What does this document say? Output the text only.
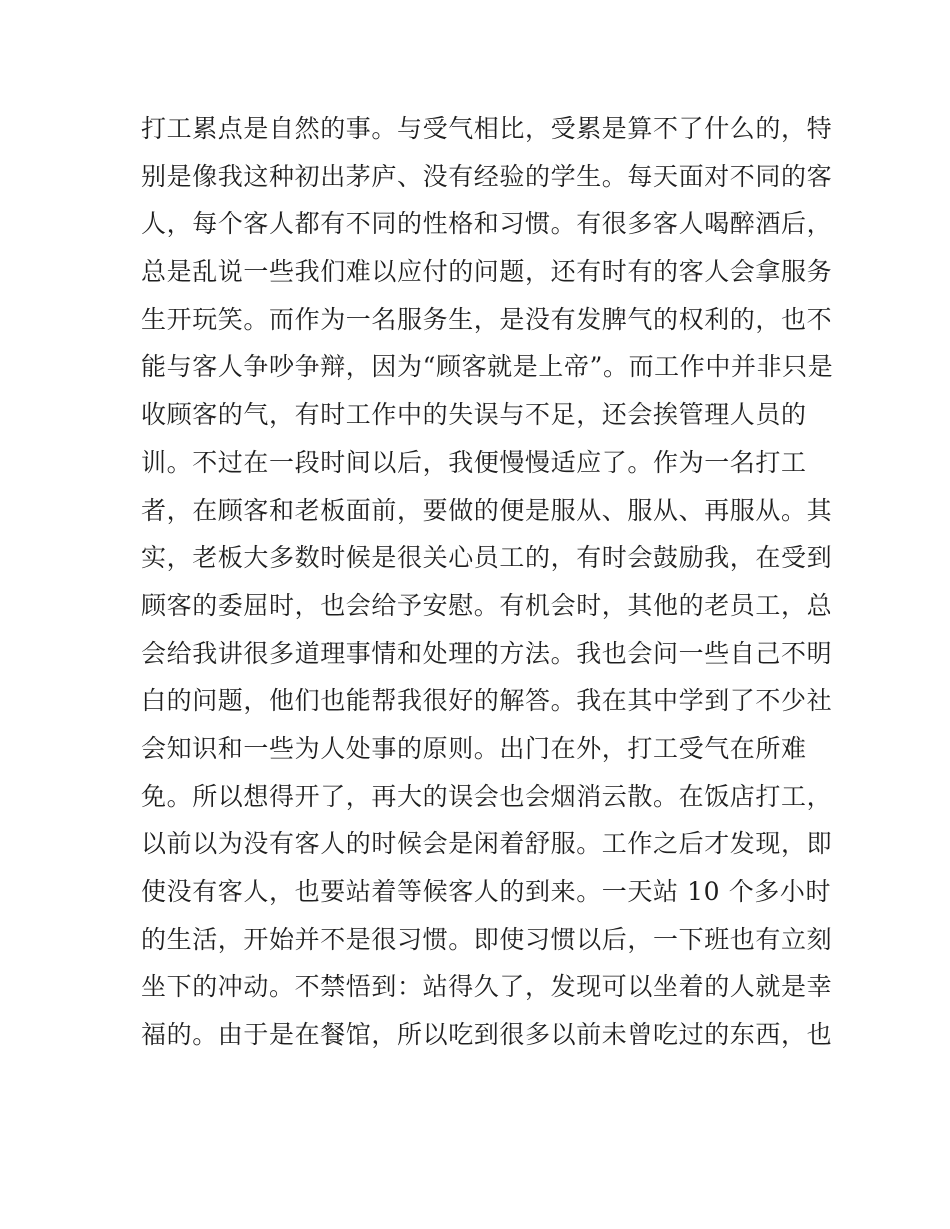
打工累点是自然的事。与受气相比，受累是算不了什么的，特
别是像我这种初出茅庐、没有经验的学生。每天面对不同的客
人，每个客人都有不同的性格和习惯。有很多客人喝醉酒后，
总是乱说一些我们难以应付的问题，还有时有的客人会拿服务
生开玩笑。而作为一名服务生，是没有发脾气的权利的，也不
能与客人争吵争辩，因为“顾客就是上帝”。而工作中并非只是
收顾客的气，有时工作中的失误与不足，还会挨管理人员的
训。不过在一段时间以后，我便慢慢适应了。作为一名打工
者，在顾客和老板面前，要做的便是服从、服从、再服从。其
实，老板大多数时候是很关心员工的，有时会鼓励我，在受到
顾客的委屈时，也会给予安慰。有机会时，其他的老员工，总
会给我讲很多道理事情和处理的方法。我也会问一些自己不明
白的问题，他们也能帮我很好的解答。我在其中学到了不少社
会知识和一些为人处事的原则。出门在外，打工受气在所难
免。所以想得开了，再大的误会也会烟消云散。在饭店打工，
以前以为没有客人的时候会是闲着舒服。工作之后才发现，即
使没有客人，也要站着等候客人的到来。一天站 10 个多小时
的生活，开始并不是很习惯。即使习惯以后，一下班也有立刻
坐下的冲动。不禁悟到：站得久了，发现可以坐着的人就是幸
福的。由于是在餐馆，所以吃到很多以前未曾吃过的东西，也
